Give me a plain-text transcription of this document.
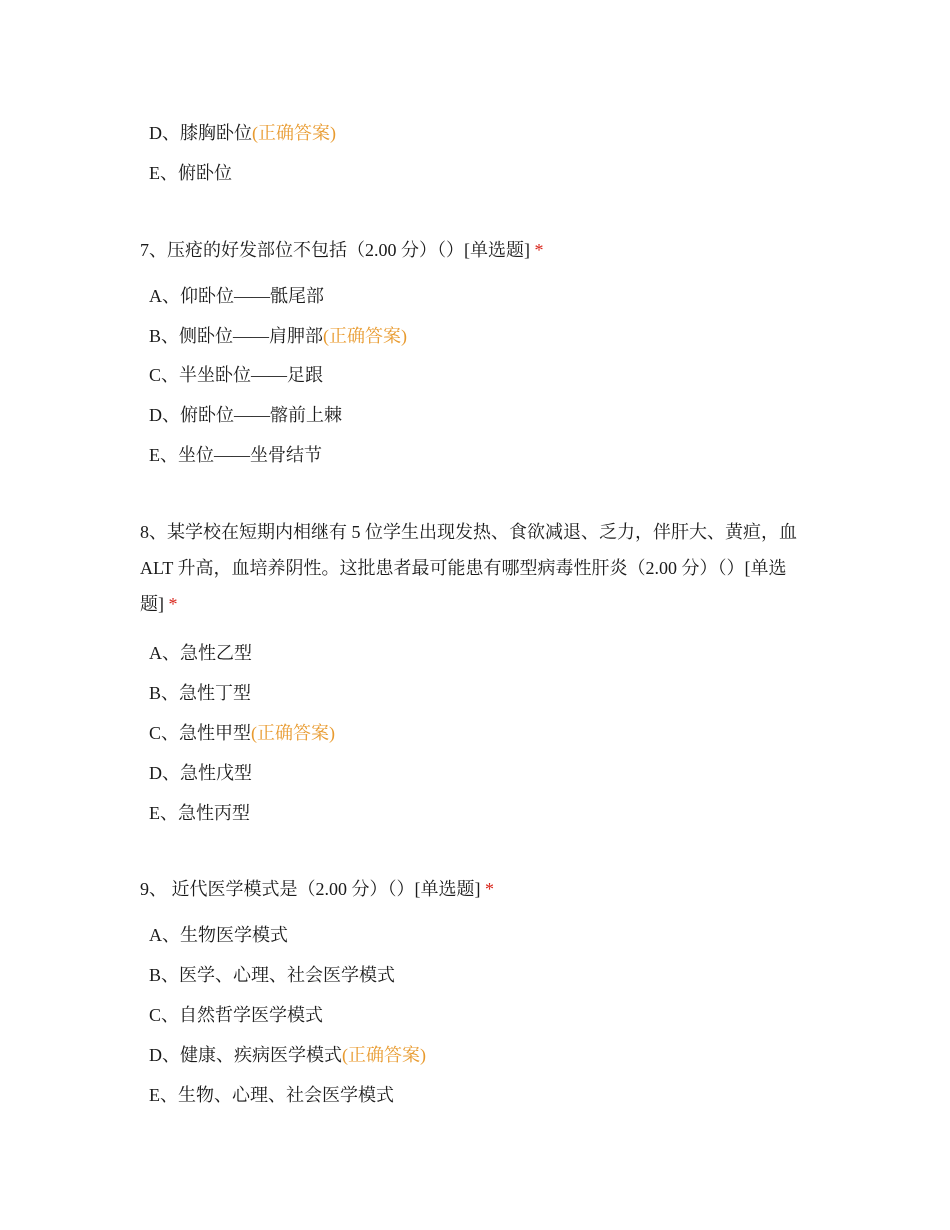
D、膝胸卧位(正确答案)
E、俯卧位

7、压疮的好发部位不包括（2.00 分）（）[单选题] *

A、仰卧位——骶尾部
B、侧卧位——肩胛部(正确答案)
C、半坐卧位——足跟
D、俯卧位——髂前上棘
E、坐位——坐骨结节

8、某学校在短期内相继有 5 位学生出现发热、食欲减退、乏力，伴肝大、黄疸，血 ALT 升高，血培养阴性。这批患者最可能患有哪型病毒性肝炎（2.00 分）（）[单选题] *

A、急性乙型
B、急性丁型
C、急性甲型(正确答案)
D、急性戊型
E、急性丙型

9、 近代医学模式是（2.00 分）（）[单选题] *

A、生物医学模式
B、医学、心理、社会医学模式
C、自然哲学医学模式
D、健康、疾病医学模式(正确答案)
E、生物、心理、社会医学模式
